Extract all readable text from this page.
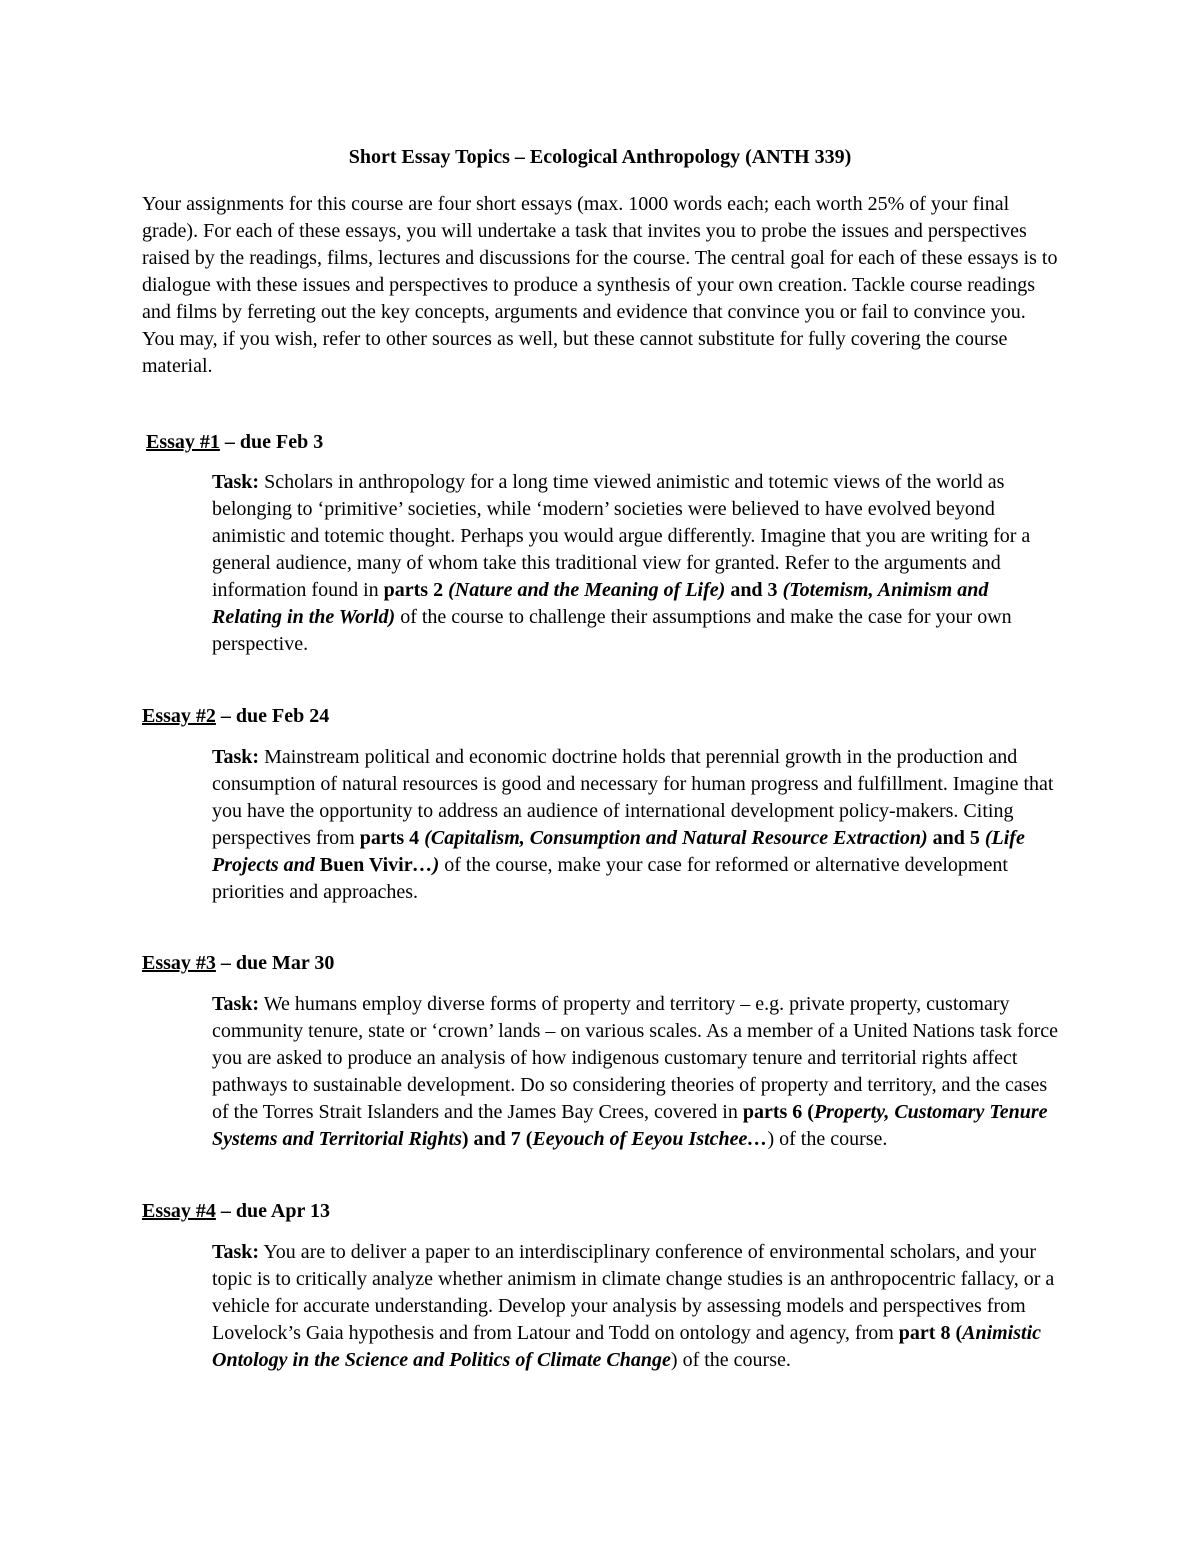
Short Essay Topics – Ecological Anthropology (ANTH 339)

Your assignments for this course are four short essays (max. 1000 words each; each worth 25% of your final grade). For each of these essays, you will undertake a task that invites you to probe the issues and perspectives raised by the readings, films, lectures and discussions for the course. The central goal for each of these essays is to dialogue with these issues and perspectives to produce a synthesis of your own creation. Tackle course readings and films by ferreting out the key concepts, arguments and evidence that convince you or fail to convince you. You may, if you wish, refer to other sources as well, but these cannot substitute for fully covering the course material.

Essay #1 – due Feb 3

Task: Scholars in anthropology for a long time viewed animistic and totemic views of the world as belonging to ‘primitive’ societies, while ‘modern’ societies were believed to have evolved beyond animistic and totemic thought. Perhaps you would argue differently. Imagine that you are writing for a general audience, many of whom take this traditional view for granted. Refer to the arguments and information found in parts 2 (Nature and the Meaning of Life) and 3 (Totemism, Animism and Relating in the World) of the course to challenge their assumptions and make the case for your own perspective.

Essay #2 – due Feb 24

Task: Mainstream political and economic doctrine holds that perennial growth in the production and consumption of natural resources is good and necessary for human progress and fulfillment. Imagine that you have the opportunity to address an audience of international development policy-makers. Citing perspectives from parts 4 (Capitalism, Consumption and Natural Resource Extraction) and 5 (Life Projects and Buen Vivir…) of the course, make your case for reformed or alternative development priorities and approaches.

Essay #3 – due Mar 30

Task: We humans employ diverse forms of property and territory – e.g. private property, customary community tenure, state or ‘crown’ lands – on various scales. As a member of a United Nations task force you are asked to produce an analysis of how indigenous customary tenure and territorial rights affect pathways to sustainable development. Do so considering theories of property and territory, and the cases of the Torres Strait Islanders and the James Bay Crees, covered in parts 6 (Property, Customary Tenure Systems and Territorial Rights) and 7 (Eeyouch of Eeyou Istchee…) of the course.

Essay #4 – due Apr 13

Task: You are to deliver a paper to an interdisciplinary conference of environmental scholars, and your topic is to critically analyze whether animism in climate change studies is an anthropocentric fallacy, or a vehicle for accurate understanding. Develop your analysis by assessing models and perspectives from Lovelock’s Gaia hypothesis and from Latour and Todd on ontology and agency, from part 8 (Animistic Ontology in the Science and Politics of Climate Change) of the course.
